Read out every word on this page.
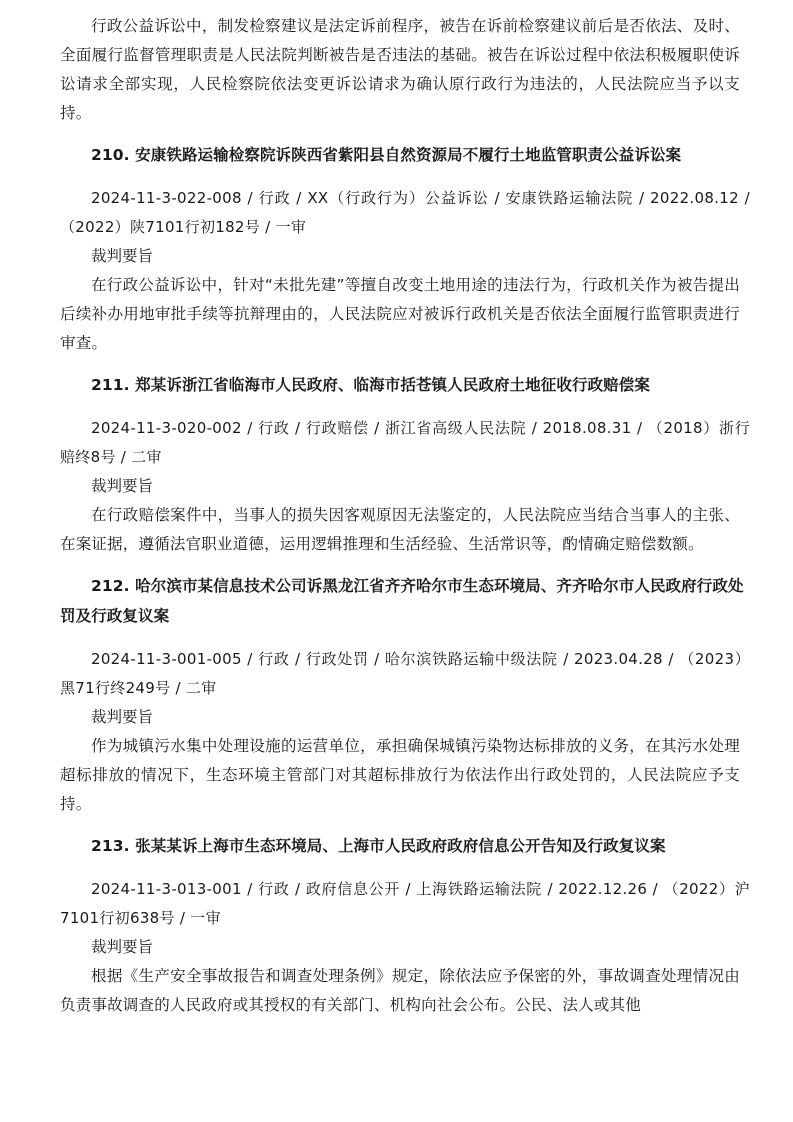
行政公益诉讼中，制发检察建议是法定诉前程序，被告在诉前检察建议前后是否依法、及时、全面履行监督管理职责是人民法院判断被告是否违法的基础。被告在诉讼过程中依法积极履职使诉讼请求全部实现，人民检察院依法变更诉讼请求为确认原行政行为违法的，人民法院应当予以支持。

210. 安康铁路运输检察院诉陕西省紫阳县自然资源局不履行土地监管职责公益诉讼案

2024-11-3-022-008 / 行政 / XX（行政行为）公益诉讼 / 安康铁路运输法院 / 2022.08.12 / （2022）陕7101行初182号 / 一审

裁判要旨

在行政公益诉讼中，针对“未批先建”等擅自改变土地用途的违法行为，行政机关作为被告提出后续补办用地审批手续等抗辩理由的，人民法院应对被诉行政机关是否依法全面履行监管职责进行审查。

211. 郑某诉浙江省临海市人民政府、临海市括苍镇人民政府土地征收行政赔偿案

2024-11-3-020-002 / 行政 / 行政赔偿 / 浙江省高级人民法院 / 2018.08.31 / （2018）浙行赔终8号 / 二审

裁判要旨

在行政赔偿案件中，当事人的损失因客观原因无法鉴定的，人民法院应当结合当事人的主张、在案证据，遵循法官职业道德，运用逻辑推理和生活经验、生活常识等，酌情确定赔偿数额。

212. 哈尔滨市某信息技术公司诉黑龙江省齐齐哈尔市生态环境局、齐齐哈尔市人民政府行政处罚及行政复议案

2024-11-3-001-005 / 行政 / 行政处罚 / 哈尔滨铁路运输中级法院 / 2023.04.28 / （2023）黑71行终249号 / 二审

裁判要旨

作为城镇污水集中处理设施的运营单位，承担确保城镇污染物达标排放的义务，在其污水处理超标排放的情况下，生态环境主管部门对其超标排放行为依法作出行政处罚的，人民法院应予支持。

213. 张某某诉上海市生态环境局、上海市人民政府政府信息公开告知及行政复议案

2024-11-3-013-001 / 行政 / 政府信息公开 / 上海铁路运输法院 / 2022.12.26 / （2022）沪7101行初638号 / 一审

裁判要旨

根据《生产安全事故报告和调查处理条例》规定，除依法应予保密的外，事故调查处理情况由负责事故调查的人民政府或其授权的有关部门、机构向社会公布。公民、法人或其他
